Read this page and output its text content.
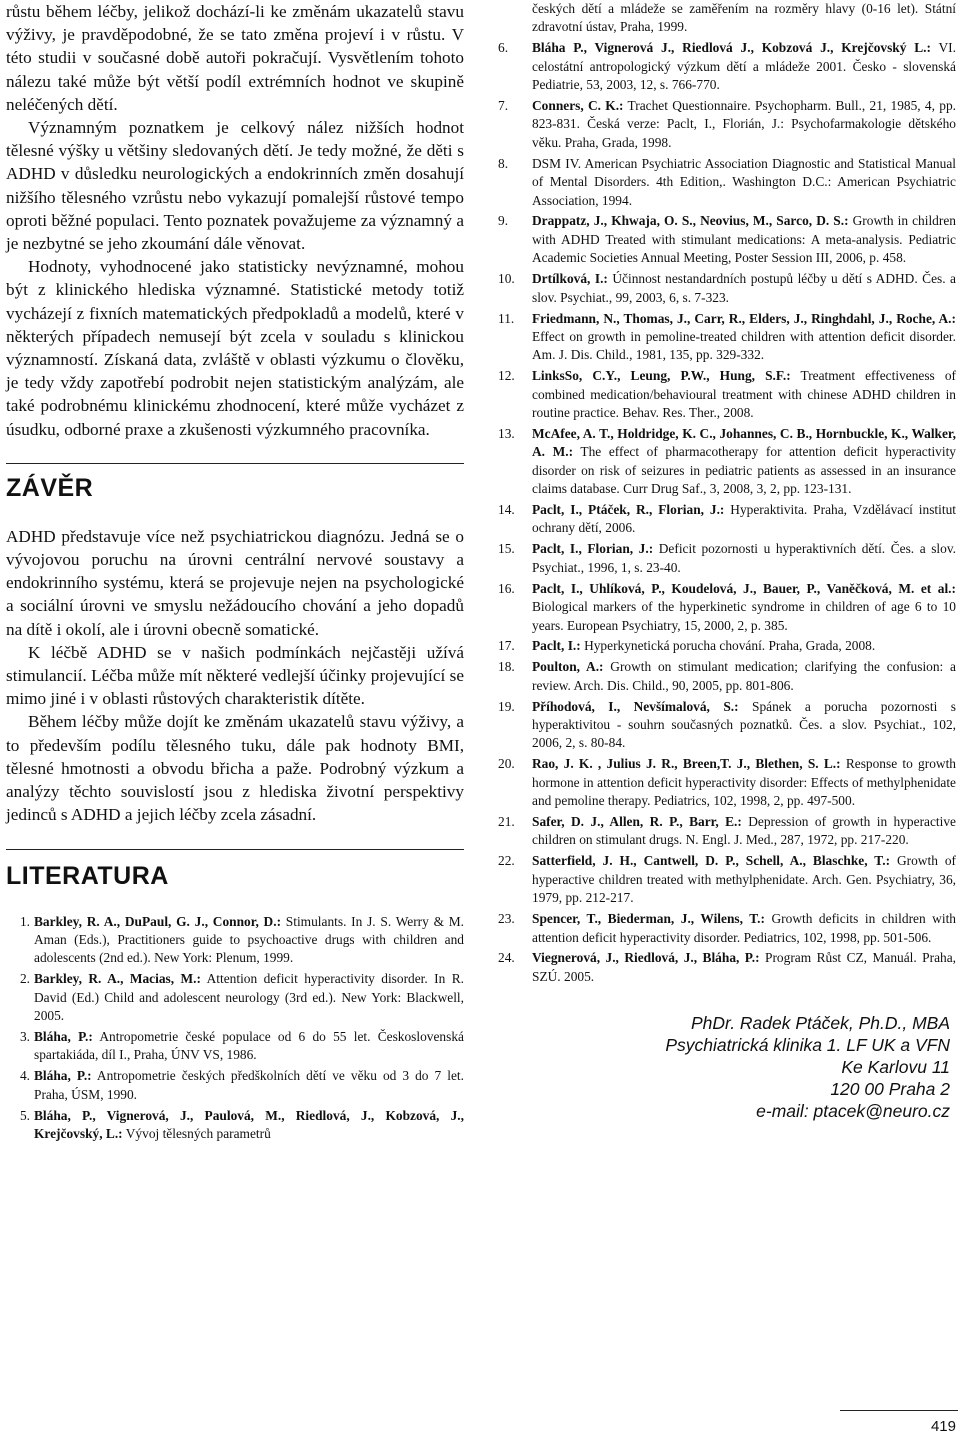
růstu během léčby, jelikož dochází-li ke změnám ukazatelů stavu výživy, je pravděpodobné, že se tato změna projeví i v růstu. V této studii v současné době autoři pokračují. Vysvětlením tohoto nálezu také může být větší podíl extrémních hodnot ve skupině neléčených dětí.

Významným poznatkem je celkový nález nižších hodnot tělesné výšky u většiny sledovaných dětí. Je tedy možné, že děti s ADHD v důsledku neurologických a endokrinních změn dosahují nižšího tělesného vzrůstu nebo vykazují pomalejší růstové tempo oproti běžné populaci. Tento poznatek považujeme za významný a je nezbytné se jeho zkoumání dále věnovat.

Hodnoty, vyhodnocené jako statisticky nevýznamné, mohou být z klinického hlediska významné. Statistické metody totiž vycházejí z fixních matematických předpokladů a modelů, které v některých případech nemusejí být zcela v souladu s klinickou významností. Získaná data, zvláště v oblasti výzkumu o člověku, je tedy vždy zapotřebí podrobit nejen statistickým analýzám, ale také podrobnému klinickému zhodnocení, které může vycházet z úsudku, odborné praxe a zkušenosti výzkumného pracovníka.

ZÁVĚR

ADHD představuje více než psychiatrickou diagnózu. Jedná se o vývojovou poruchu na úrovni centrální nervové soustavy a endokrinního systému, která se projevuje nejen na psychologické a sociální úrovni ve smyslu nežádoucího chování a jeho dopadů na dítě i okolí, ale i úrovni obecně somatické.

K léčbě ADHD se v našich podmínkách nejčastěji užívá stimulancií. Léčba může mít některé vedlejší účinky projevující se mimo jiné i v oblasti růstových charakteristik dítěte.

Během léčby může dojít ke změnám ukazatelů stavu výživy, a to především podílu tělesného tuku, dále pak hodnoty BMI, tělesné hmotnosti a obvodu břicha a paže. Podrobný výzkum a analýzy těchto souvislostí jsou z hlediska životní perspektivy jedinců s ADHD a jejich léčby zcela zásadní.

LITERATURA
1. Barkley, R. A., DuPaul, G. J., Connor, D.: Stimulants. In J. S. Werry & M. Aman (Eds.), Practitioners guide to psychoactive drugs with children and adolescents (2nd ed.). New York: Plenum, 1999.
2. Barkley, R. A., Macias, M.: Attention deficit hyperactivity disorder. In R. David (Ed.) Child and adolescent neurology (3rd ed.). New York: Blackwell, 2005.
3. Bláha, P.: Antropometrie české populace od 6 do 55 let. Československá spartakiáda, díl I., Praha, ÚNV VS, 1986.
4. Bláha, P.: Antropometrie českých předškolních dětí ve věku od 3 do 7 let. Praha, ÚSM, 1990.
5. Bláha, P., Vignerová, J., Paulová, M., Riedlová, J., Kobzová, J., Krejčovský, L.: Vývoj tělesných parametrů
českých dětí a mládeže se zaměřením na rozměry hlavy (0-16 let). Státní zdravotní ústav, Praha, 1999.
6.	Bláha P., Vignerová J., Riedlová J., Kobzová J., Krejčovský L.: VI. celostátní antropologický výzkum dětí a mládeže 2001. Česko - slovenská Pediatrie, 53, 2003, 12, s. 766-770.
7.	Conners, C. K.: Trachet Questionnaire. Psychopharm. Bull., 21, 1985, 4, pp. 823-831. Česká verze: Paclt, I., Florián, J.: Psychofarmakologie dětského věku. Praha, Grada, 1998.
8.	DSM IV. American Psychiatric Association Diagnostic and Statistical Manual of Mental Disorders. 4th Edition,. Washington D.C.: American Psychiatric Association, 1994.
9.	Drappatz, J., Khwaja, O. S., Neovius, M., Sarco, D. S.: Growth in children with ADHD Treated with stimulant medications: A meta-analysis. Pediatric Academic Societies Annual Meeting, Poster Session III, 2006, p. 458.
10.	Drtílková, I.: Účinnost nestandardních postupů léčby u dětí s ADHD. Čes. a slov. Psychiat., 99, 2003, 6, s. 7-323.
11.	Friedmann, N., Thomas, J., Carr, R., Elders, J., Ringhdahl, J., Roche, A.: Effect on growth in pemoline-treated children with attention deficit disorder. Am. J. Dis. Child., 1981, 135, pp. 329-332.
12.	LinksSo, C.Y., Leung, P.W., Hung, S.F.: Treatment effectiveness of combined medication/behavioural treatment with chinese ADHD children in routine practice. Behav. Res. Ther., 2008.
13.	McAfee, A. T., Holdridge, K. C., Johannes, C. B., Hornbuckle, K., Walker, A. M.: The effect of pharmacotherapy for attention deficit hyperactivity disorder on risk of seizures in pediatric patients as assessed in an insurance claims database. Curr Drug Saf., 3, 2008, 3, 2, pp. 123-131.
14.	Paclt, I., Ptáček, R., Florian, J.: Hyperaktivita. Praha, Vzdělávací institut ochrany dětí, 2006.
15.	Paclt, I., Florian, J.: Deficit pozornosti u hyperaktivních dětí. Čes. a slov. Psychiat., 1996, 1, s. 23-40.
16.	Paclt, I., Uhlíková, P., Koudelová, J., Bauer, P., Vaněčková, M. et al.: Biological markers of the hyperkinetic syndrome in children of age 6 to 10 years. European Psychiatry, 15, 2000, 2, p. 385.
17.	Paclt, I.: Hyperkynetická porucha chování. Praha, Grada, 2008.
18.	Poulton, A.: Growth on stimulant medication; clarifying the confusion: a review. Arch. Dis. Child., 90, 2005, pp. 801-806.
19.	Příhodová, I., Nevšímalová, S.: Spánek a porucha pozornosti s hyperaktivitou - souhrn současných poznatků. Čes. a slov. Psychiat., 102, 2006, 2, s. 80-84.
20.	Rao, J. K. , Julius J. R., Breen,T. J., Blethen, S. L.: Response to growth hormone in attention deficit hyperactivity disorder: Effects of methylphenidate and pemoline therapy. Pediatrics, 102, 1998, 2, pp. 497-500.
21.	Safer, D. J., Allen, R. P., Barr, E.: Depression of growth in hyperactive children on stimulant drugs. N. Engl. J. Med., 287, 1972, pp. 217-220.
22.	Satterfield, J. H., Cantwell, D. P., Schell, A., Blaschke, T.: Growth of hyperactive children treated with methylphenidate. Arch. Gen. Psychiatry, 36, 1979, pp. 212-217.
23.	Spencer, T., Biederman, J., Wilens, T.: Growth deficits in children with attention deficit hyperactivity disorder. Pediatrics, 102, 1998, pp. 501-506.
24.	Viegnerová, J., Riedlová, J., Bláha, P.: Program Růst CZ, Manuál. Praha, SZÚ. 2005.

PhDr. Radek Ptáček, Ph.D., MBA

Psychiatrická klinika 1. LF UK a VFN

Ke Karlovu 11

120 00 Praha 2

e-mail: ptacek@neuro.cz

419
